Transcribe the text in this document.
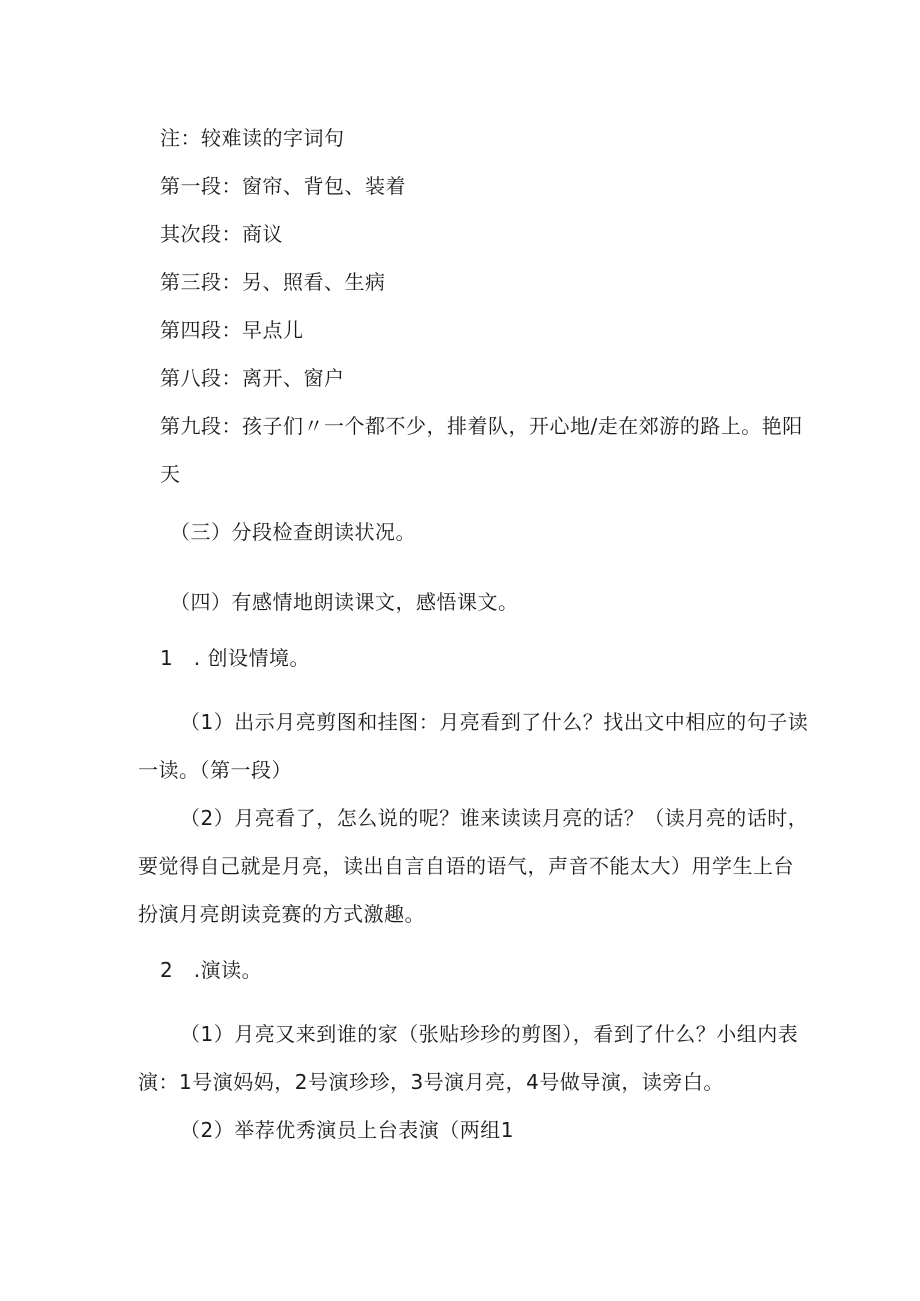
注：较难读的字词句
第一段：窗帘、背包、装着
其次段：商议
第三段：另、照看、生病
第四段：早点儿
第八段：离开、窗户
第九段：孩子们〃一个都不少，排着队，开心地/走在郊游的路上。艳阳
天
（三）分段检查朗读状况。
（四）有感情地朗读课文，感悟课文。
1　. 创设情境。
（1）出示月亮剪图和挂图：月亮看到了什么？找出文中相应的句子读
一读。（第一段）
（2）月亮看了，怎么说的呢？谁来读读月亮的话？（读月亮的话时，
要觉得自己就是月亮，读出自言自语的语气，声音不能太大）用学生上台
扮演月亮朗读竞赛的方式激趣。
2　.演读。
（1）月亮又来到谁的家（张贴珍珍的剪图），看到了什么？小组内表
演：1号演妈妈，2号演珍珍，3号演月亮，4号做导演，读旁白。
（2）举荐优秀演员上台表演（两组1
